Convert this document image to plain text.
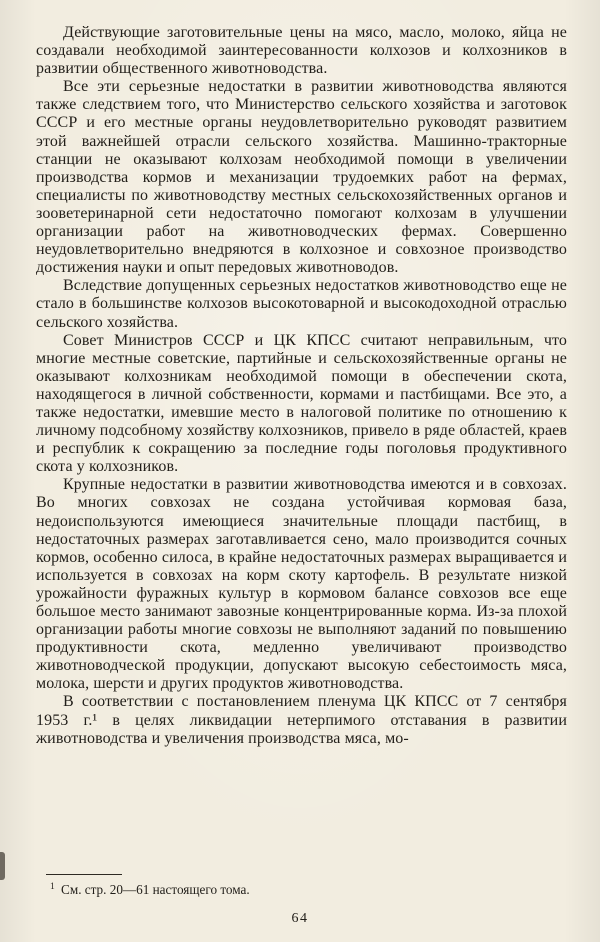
Действующие заготовительные цены на мясо, масло, молоко, яйца не создавали необходимой заинтересованности колхозов и колхозников в развитии общественного животноводства.

Все эти серьезные недостатки в развитии животноводства являются также следствием того, что Министерство сельского хозяйства и заготовок СССР и его местные органы неудовлетворительно руководят развитием этой важнейшей отрасли сельского хозяйства. Машинно-тракторные станции не оказывают колхозам необходимой помощи в увеличении производства кормов и механизации трудоемких работ на фермах, специалисты по животноводству местных сельскохозяйственных органов и зооветеринарной сети недостаточно помогают колхозам в улучшении организации работ на животноводческих фермах. Совершенно неудовлетворительно внедряются в колхозное и совхозное производство достижения науки и опыт передовых животноводов.

Вследствие допущенных серьезных недостатков животноводство еще не стало в большинстве колхозов высокотоварной и высокодоходной отраслью сельского хозяйства.

Совет Министров СССР и ЦК КПСС считают неправильным, что многие местные советские, партийные и сельскохозяйственные органы не оказывают колхозникам необходимой помощи в обеспечении скота, находящегося в личной собственности, кормами и пастбищами. Все это, а также недостатки, имевшие место в налоговой политике по отношению к личному подсобному хозяйству колхозников, привело в ряде областей, краев и республик к сокращению за последние годы поголовья продуктивного скота у колхозников.

Крупные недостатки в развитии животноводства имеются и в совхозах. Во многих совхозах не создана устойчивая кормовая база, недоиспользуются имеющиеся значительные площади пастбищ, в недостаточных размерах заготавливается сено, мало производится сочных кормов, особенно силоса, в крайне недостаточных размерах выращивается и используется в совхозах на корм скоту картофель. В результате низкой урожайности фуражных культур в кормовом балансе совхозов все еще большое место занимают завозные концентрированные корма. Из-за плохой организации работы многие совхозы не выполняют заданий по повышению продуктивности скота, медленно увеличивают производство животноводческой продукции, допускают высокую себестоимость мяса, молока, шерсти и других продуктов животноводства.

В соответствии с постановлением пленума ЦК КПСС от 7 сентября 1953 г.¹ в целях ликвидации нетерпимого отставания в развитии животноводства и увеличения производства мяса, мо-

$^1$ См. стр. 20—61 настоящего тома.
64
